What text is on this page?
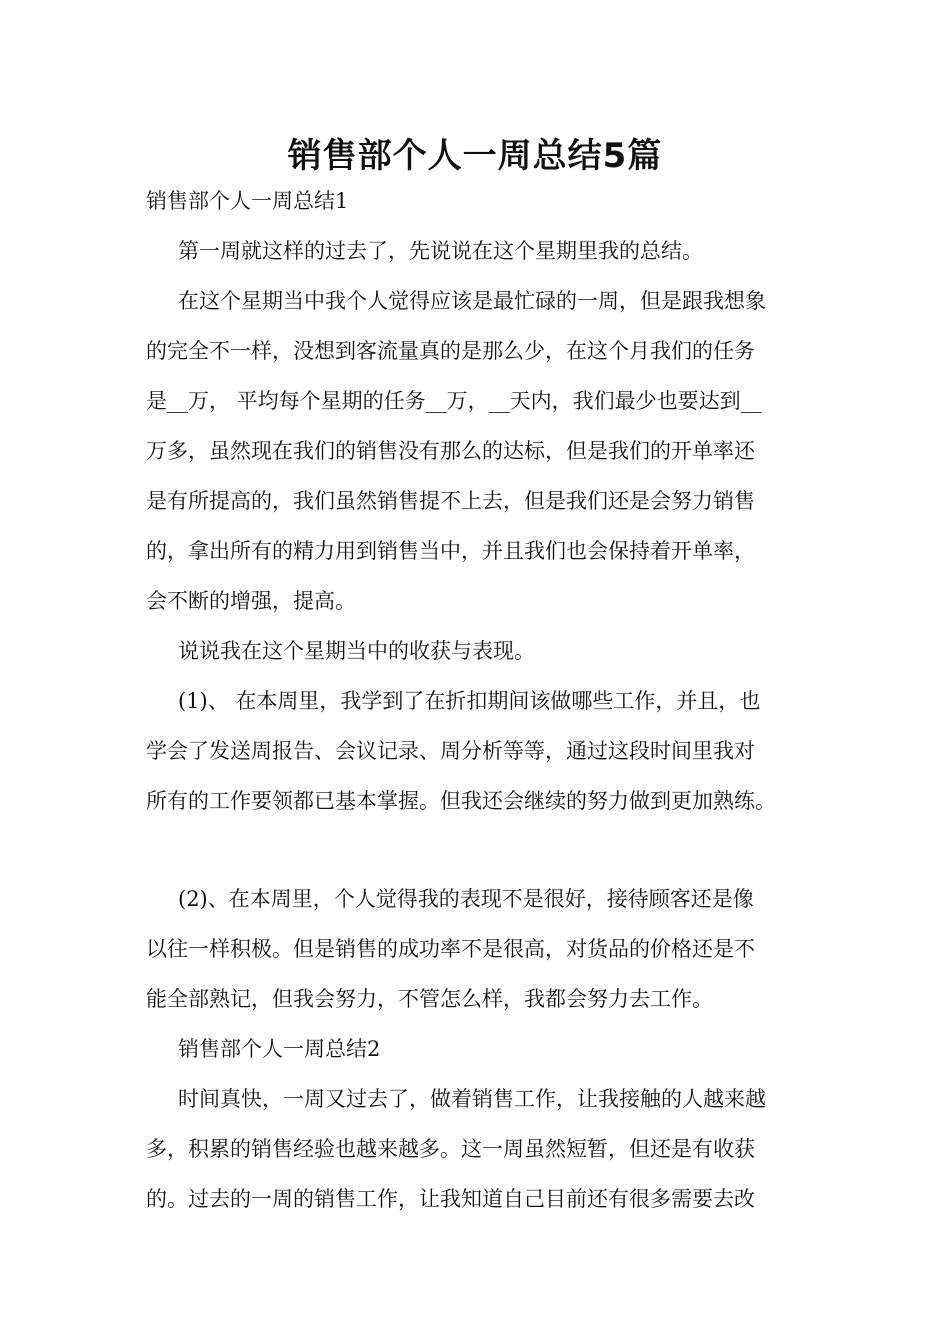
销售部个人一周总结5篇
销售部个人一周总结1
第一周就这样的过去了，先说说在这个星期里我的总结。
在这个星期当中我个人觉得应该是最忙碌的一周，但是跟我想象
的完全不一样，没想到客流量真的是那么少，在这个月我们的任务
是__万， 平均每个星期的任务__万，__天内，我们最少也要达到__
万多，虽然现在我们的销售没有那么的达标，但是我们的开单率还
是有所提高的，我们虽然销售提不上去，但是我们还是会努力销售
的，拿出所有的精力用到销售当中，并且我们也会保持着开单率，
会不断的增强，提高。
说说我在这个星期当中的收获与表现。
(1)、 在本周里，我学到了在折扣期间该做哪些工作，并且，也
学会了发送周报告、会议记录、周分析等等，通过这段时间里我对
所有的工作要领都已基本掌握。但我还会继续的努力做到更加熟练。
(2)、在本周里，个人觉得我的表现不是很好，接待顾客还是像
以往一样积极。但是销售的成功率不是很高，对货品的价格还是不
能全部熟记，但我会努力，不管怎么样，我都会努力去工作。
销售部个人一周总结2
时间真快，一周又过去了，做着销售工作，让我接触的人越来越
多，积累的销售经验也越来越多。这一周虽然短暂，但还是有收获
的。过去的一周的销售工作，让我知道自己目前还有很多需要去改
